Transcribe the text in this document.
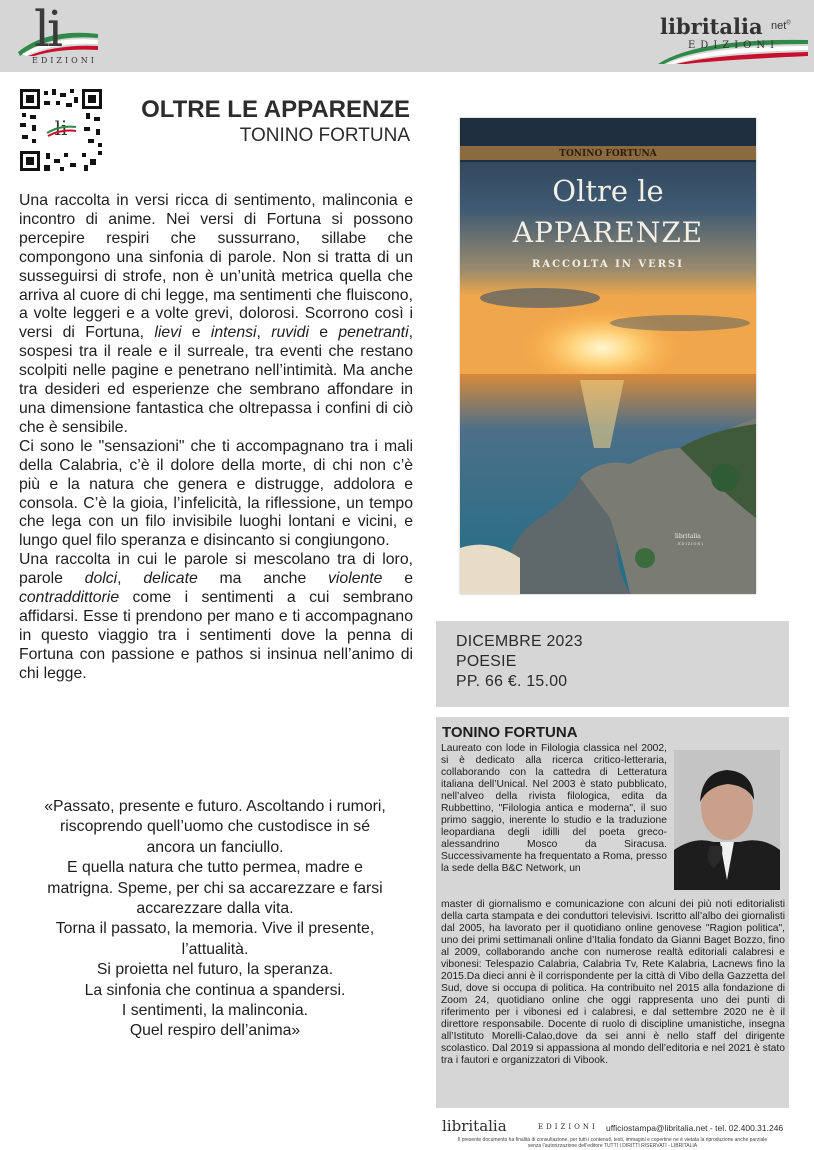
li
EDIZIONI
libritalia net®
EDIZIONI
li
OLTRE LE APPARENZE
TONINO FORTUNA

Una raccolta in versi ricca di sentimento, malinconia e incontro di anime. Nei versi di Fortuna si possono percepire respiri che sussurrano, sillabe che compongono una sinfonia di parole. Non si tratta di un susseguirsi di strofe, non è un’unità metrica quella che arriva al cuore di chi legge, ma sentimenti che fluiscono, a volte leggeri e a volte grevi, dolorosi. Scorrono così i versi di Fortuna, lievi e intensi, ruvidi e penetranti, sospesi tra il reale e il surreale, tra eventi che restano scolpiti nelle pagine e penetrano nell’intimità. Ma anche tra desideri ed esperienze che sembrano affondare in una dimensione fantastica che oltrepassa i confini di ciò che è sensibile.

Ci sono le "sensazioni" che ti accompagnano tra i mali della Calabria, c’è il dolore della morte, di chi non c’è più e la natura che genera e distrugge, addolora e consola. C’è la gioia, l’infelicità, la riflessione, un tempo che lega con un filo invisibile luoghi lontani e vicini, e lungo quel filo speranza e disincanto si congiungono.

Una raccolta in cui le parole si mescolano tra di loro, parole dolci, delicate ma anche violente e contraddittorie come i sentimenti a cui sembrano affidarsi. Esse ti prendono per mano e ti accompagnano in questo viaggio tra i sentimenti dove la penna di Fortuna con passione e pathos si insinua nell’animo di chi legge.

«Passato, presente e futuro. Ascoltando i rumori,
riscoprendo quell’uomo che custodisce in sé
ancora un fanciullo.
E quella natura che tutto permea, madre e
matrigna. Speme, per chi sa accarezzare e farsi
accarezzare dalla vita.
Torna il passato, la memoria. Vive il presente,
l’attualità.
Si proietta nel futuro, la speranza.
La sinfonia che continua a spandersi.
I sentimenti, la malinconia.
Quel respiro dell’anima»
libritalia
EDIZIONI
TONINO FORTUNA
Oltre le
APPARENZE
RACCOLTA IN VERSI
DICEMBRE 2023
POESIE
PP. 66 €. 15.00
TONINO FORTUNA
Laureato con lode in Filologia classica nel 2002, si è dedicato alla ricerca critico-letteraria, collaborando con la cattedra di Letteratura italiana dell’Unical. Nel 2003 è stato pubblicato, nell’alveo della rivista filologica, edita da Rubbettino, "Filologia antica e moderna", il suo primo saggio, inerente lo studio e la traduzione leopardiana degli idilli del poeta greco-alessandrino Mosco da Siracusa. Successivamente ha frequentato a Roma, presso la sede della B&C Network, un
master di giornalismo e comunicazione con alcuni dei più noti editorialisti della carta stampata e dei conduttori televisivi. Iscritto all’albo dei giornalisti dal 2005, ha lavorato per il quotidiano online genovese "Ragion politica", uno dei primi settimanali online d’Italia fondato da Gianni Baget Bozzo, fino al 2009, collaborando anche con numerose realtà editoriali calabresi e vibonesi: Telespazio Calabria, Calabria Tv, Rete Kalabria, Lacnews fino la 2015.Da dieci anni è il corrispondente per la città di Vibo della Gazzetta del Sud, dove si occupa di politica. Ha contribuito nel 2015 alla fondazione di Zoom 24, quotidiano online che oggi rappresenta uno dei punti di riferimento per i vibonesi ed i calabresi, e dal settembre 2020 ne è il direttore responsabile. Docente di ruolo di discipline umanistiche, insegna all’Istituto Morelli-Calao,dove da sei anni è nello staff del dirigente scolastico. Dal 2019 si appassiona al mondo dell’editoria e nel 2021 è stato tra i fautori e organizzatori di Vibook.
libritalia	EDIZIONI ufficiostampa@libritalia.net - tel. 02.400.31.246
Il presente documento ha finalità di consultazione, per tutti i contenuti, testi, immagini e copertine ne è vietata la riproduzione anche parziale
senza l’autorizzazione dell’editore TUTTI I DIRITTI RISERVATI - LIBRITALIA
